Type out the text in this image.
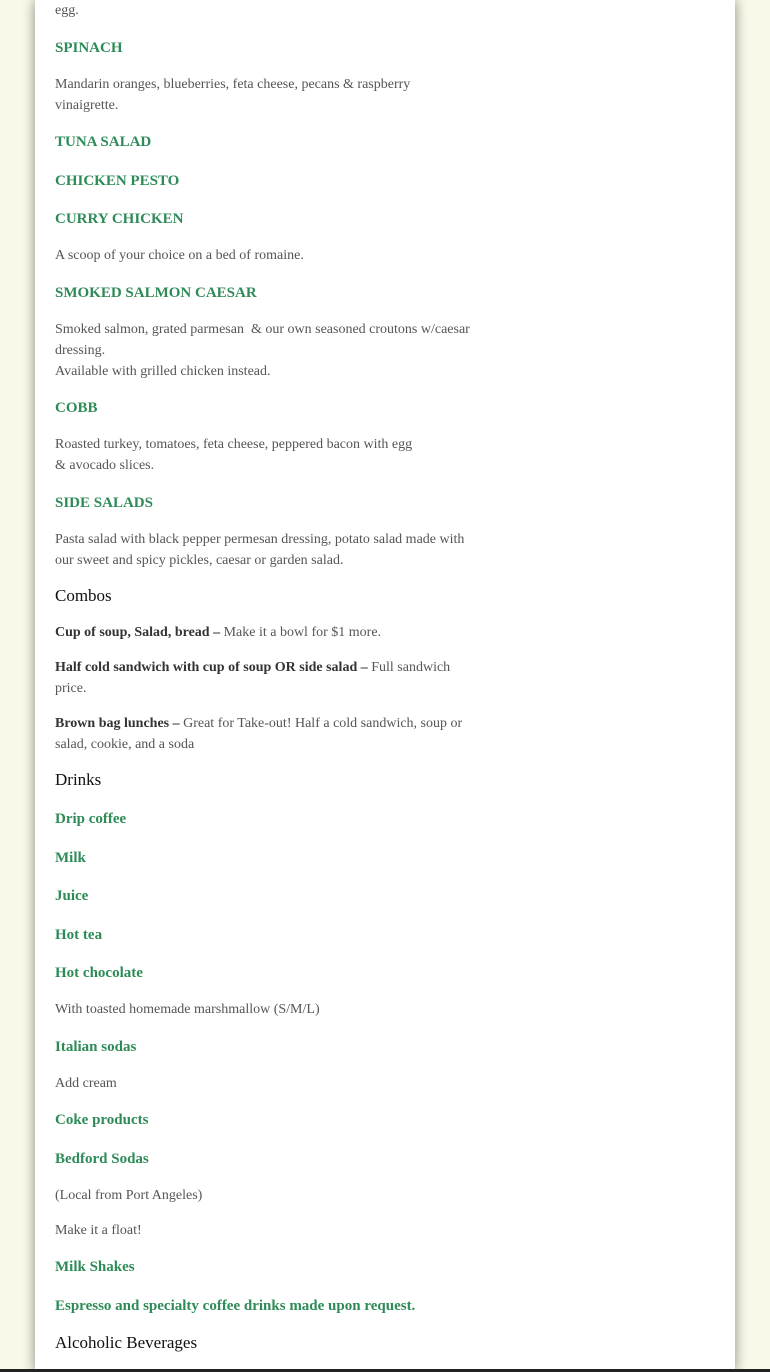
egg.

SPINACH

Mandarin oranges, blueberries, feta cheese, pecans & raspberry
vinaigrette.

TUNA SALAD
CHICKEN PESTO
CURRY CHICKEN

A scoop of your choice on a bed of romaine.

SMOKED SALMON CAESAR

Smoked salmon, grated parmesan  & our own seasoned croutons w/caesar
dressing.
Available with grilled chicken instead.

COBB

Roasted turkey, tomatoes, feta cheese, peppered bacon with egg
& avocado slices.

SIDE SALADS

Pasta salad with black pepper permesan dressing, potato salad made with
our sweet and spicy pickles, caesar or garden salad.

Combos

Cup of soup, Salad, bread – Make it a bowl for $1 more.

Half cold sandwich with cup of soup OR side salad – Full sandwich
price.

Brown bag lunches – Great for Take-out! Half a cold sandwich, soup or
salad, cookie, and a soda

Drinks
Drip coffee
Milk
Juice
Hot tea
Hot chocolate

With toasted homemade marshmallow (S/M/L)

Italian sodas

Add cream

Coke products
Bedford Sodas

(Local from Port Angeles)

Make it a float!

Milk Shakes
Espresso and specialty coffee drinks made upon request.
Alcoholic Beverages
